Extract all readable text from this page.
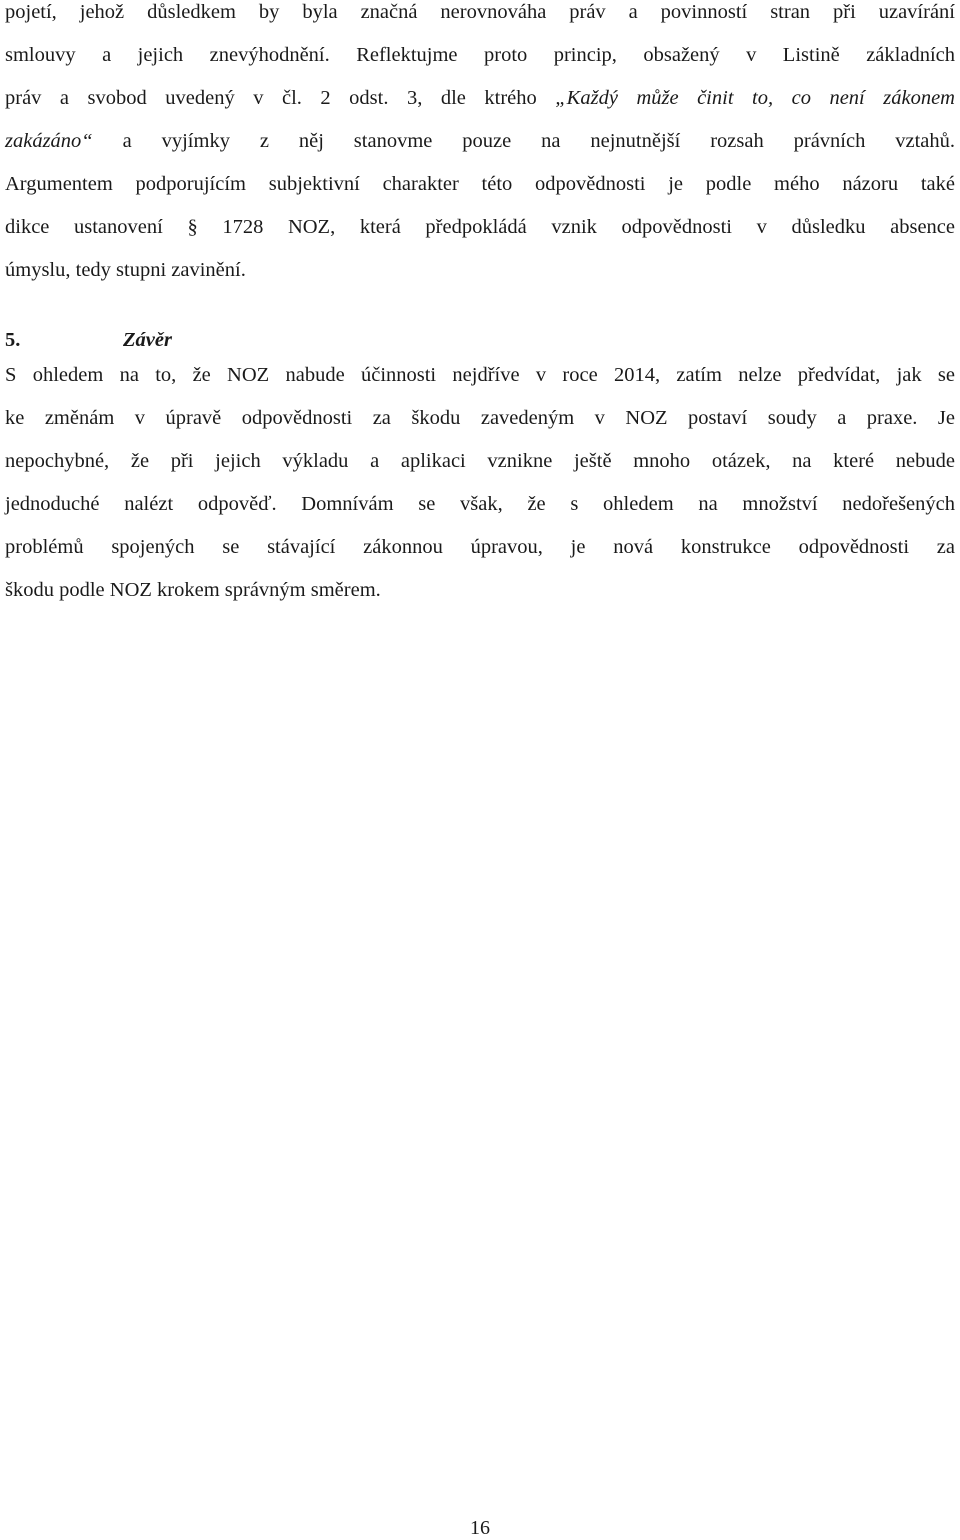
pojetí, jehož důsledkem by byla značná nerovnováha práv a povinností stran při uzavírání
smlouvy a jejich znevýhodnění. Reflektujme proto princip, obsažený v Listině základních
práv a svobod uvedený v čl. 2 odst. 3, dle ktrého „Každý může činit to, co není zákonem
zakázáno“ a vyjímky z něj stanovme pouze na nejnutnější rozsah právních vztahů.
Argumentem podporujícím subjektivní charakter této odpovědnosti je podle mého názoru také
dikce ustanovení § 1728 NOZ, která předpokládá vznik odpovědnosti v důsledku absence
úmyslu, tedy stupni zavinění.
5.	Závěr
S ohledem na to, že NOZ nabude účinnosti nejdříve v roce 2014, zatím nelze předvídat, jak se
ke změnám v úpravě odpovědnosti za škodu zavedeným v NOZ postaví soudy a praxe. Je
nepochybné, že při jejich výkladu a aplikaci vznikne ještě mnoho otázek, na které nebude
jednoduché nalézt odpověď. Domnívám se však, že s ohledem na množství nedořešených
problémů spojených se stávající zákonnou úpravou, je nová konstrukce odpovědnosti za
škodu podle NOZ krokem správným směrem.
16
